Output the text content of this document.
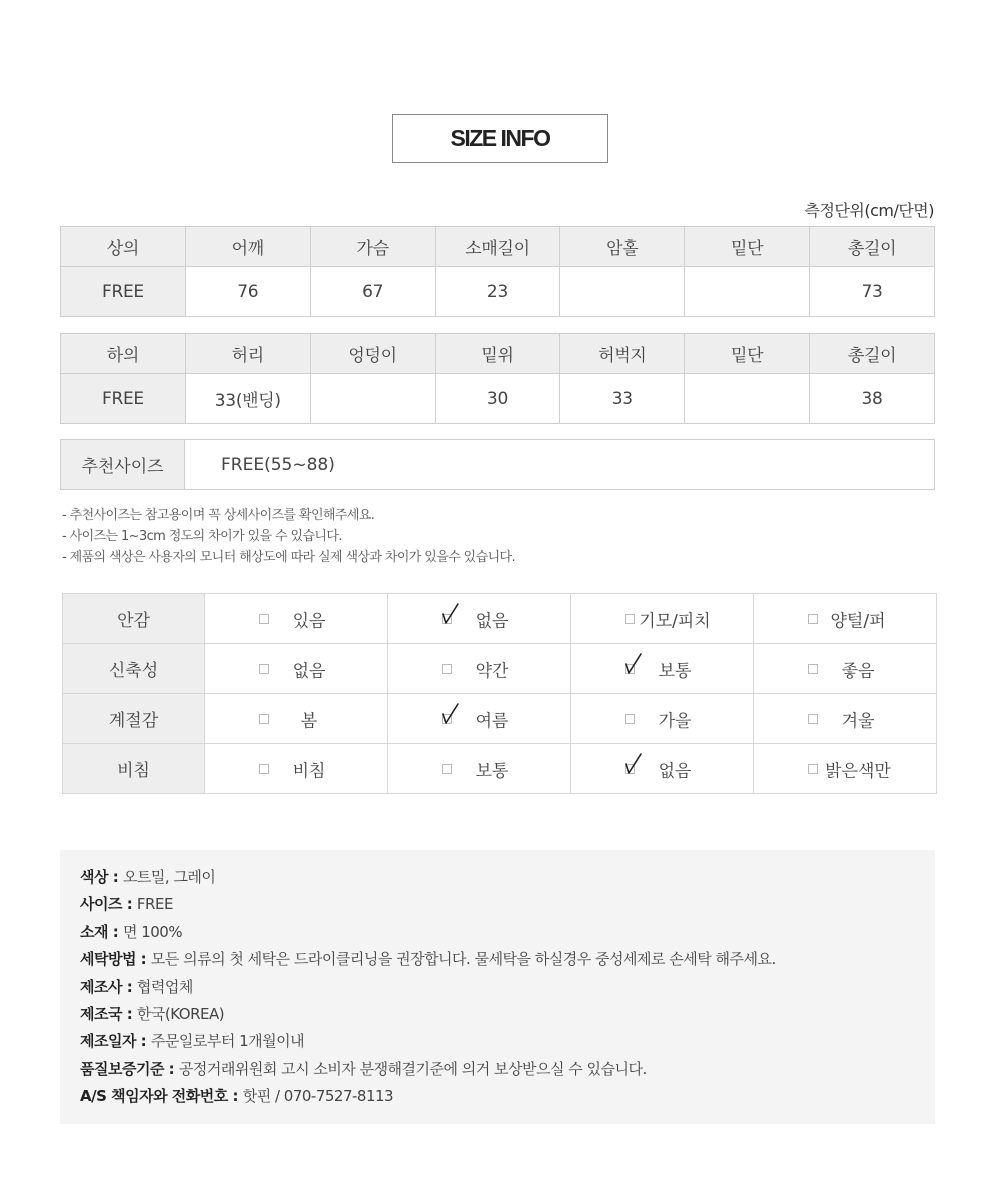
SIZE INFO
측정단위(cm/단면)
상의	어깨	가슴	소매길이	암홀	밑단	총길이
FREE	76	67	23			73
하의	허리	엉덩이	밑위	허벅지	밑단	총길이
FREE	33(밴딩)		30	33		38
추천사이즈	FREE(55~88)
- 추천사이즈는 참고용이며 꼭 상세사이즈를 확인해주세요.
- 사이즈는 1~3cm 정도의 차이가 있을 수 있습니다.
- 제품의 색상은 사용자의 모니터 해상도에 따라 실제 색상과 차이가 있을수 있습니다.
안감	있음	없음	기모/피치	양털/퍼

신축성	없음	약간	보통	좋음

계절감	봄	여름	가을	겨울

비침	비침	보통	없음	밝은색만
색상 : 오트밀, 그레이
사이즈 : FREE
소재 : 면 100%
세탁방법 : 모든 의류의 첫 세탁은 드라이클리닝을 권장합니다. 물세탁을 하실경우 중성세제로 손세탁 해주세요.
제조사 : 협력업체
제조국 : 한국(KOREA)
제조일자 : 주문일로부터 1개월이내
품질보증기준 : 공정거래위원회 고시 소비자 분쟁해결기준에 의거 보상받으실 수 있습니다.
A/S 책임자와 전화번호 : 핫핀 / 070-7527-8113
